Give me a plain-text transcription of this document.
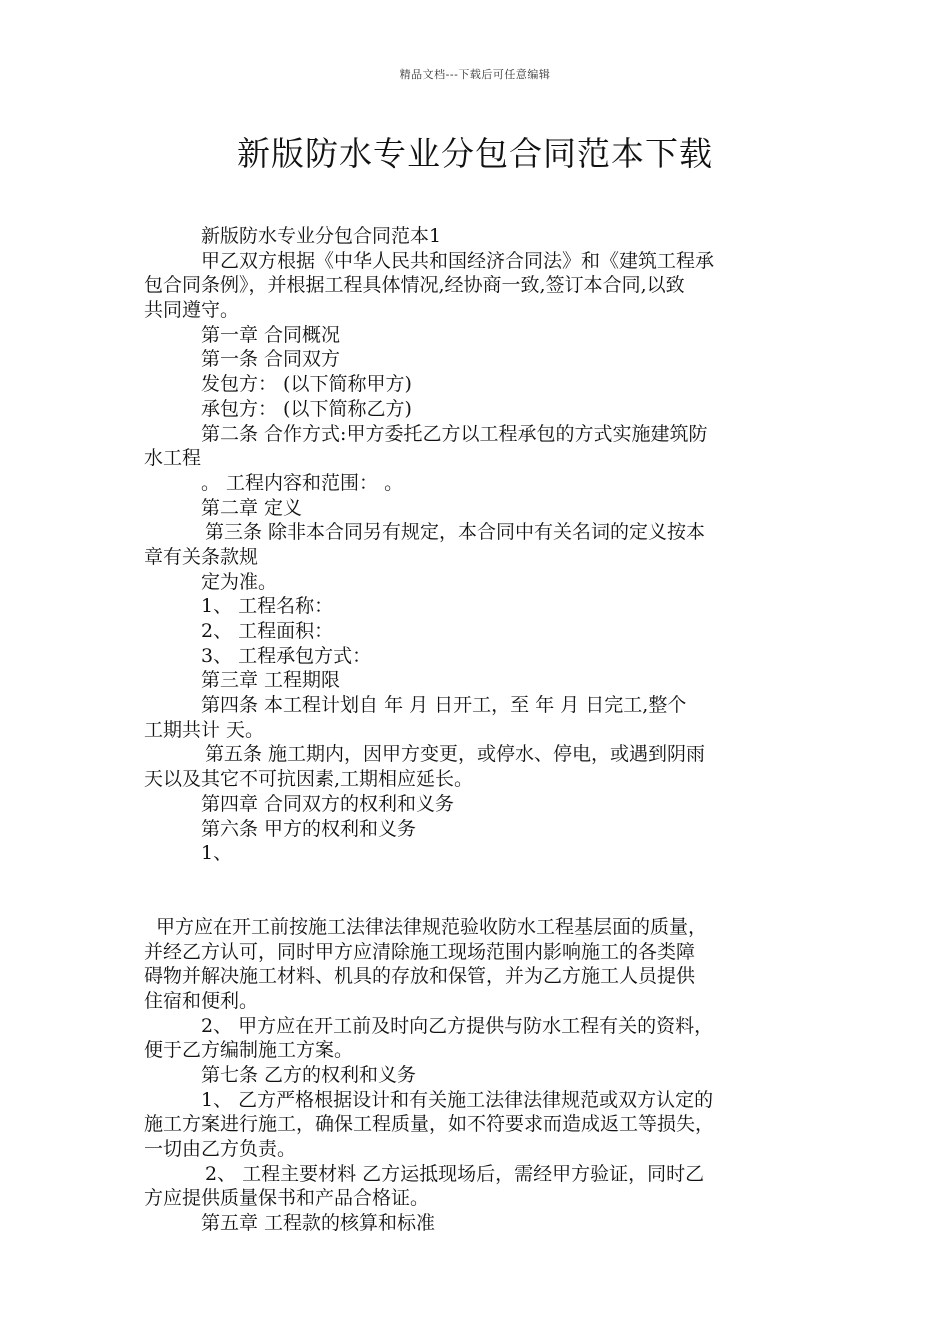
精品文档---下载后可任意编辑
新版防水专业分包合同范本下载
新版防水专业分包合同范本1
甲乙双方根据《中华人民共和国经济合同法》和《建筑工程承
包合同条例》，并根据工程具体情况,经协商一致,签订本合同,以致
共同遵守。
第一章 合同概况
第一条 合同双方
发包方： (以下简称甲方)
承包方： (以下简称乙方)
第二条 合作方式:甲方委托乙方以工程承包的方式实施建筑防
水工程
。 工程内容和范围： 。
第二章 定义
第三条 除非本合同另有规定，本合同中有关名词的定义按本
章有关条款规
定为准。
1、 工程名称：
2、 工程面积：
3、 工程承包方式：
第三章 工程期限
第四条 本工程计划自 年 月 日开工，至 年 月 日完工,整个
工期共计 天。
第五条 施工期内，因甲方变更，或停水、停电，或遇到阴雨
天以及其它不可抗因素,工期相应延长。
第四章 合同双方的权利和义务
第六条 甲方的权利和义务
1、
甲方应在开工前按施工法律法律规范验收防水工程基层面的质量，
并经乙方认可，同时甲方应清除施工现场范围内影响施工的各类障
碍物并解决施工材料、机具的存放和保管，并为乙方施工人员提供
住宿和便利。
2、 甲方应在开工前及时向乙方提供与防水工程有关的资料，
便于乙方编制施工方案。
第七条 乙方的权利和义务
1、 乙方严格根据设计和有关施工法律法律规范或双方认定的
施工方案进行施工，确保工程质量，如不符要求而造成返工等损失，
一切由乙方负责。
2、 工程主要材料 乙方运抵现场后，需经甲方验证，同时乙
方应提供质量保书和产品合格证。
第五章 工程款的核算和标准
